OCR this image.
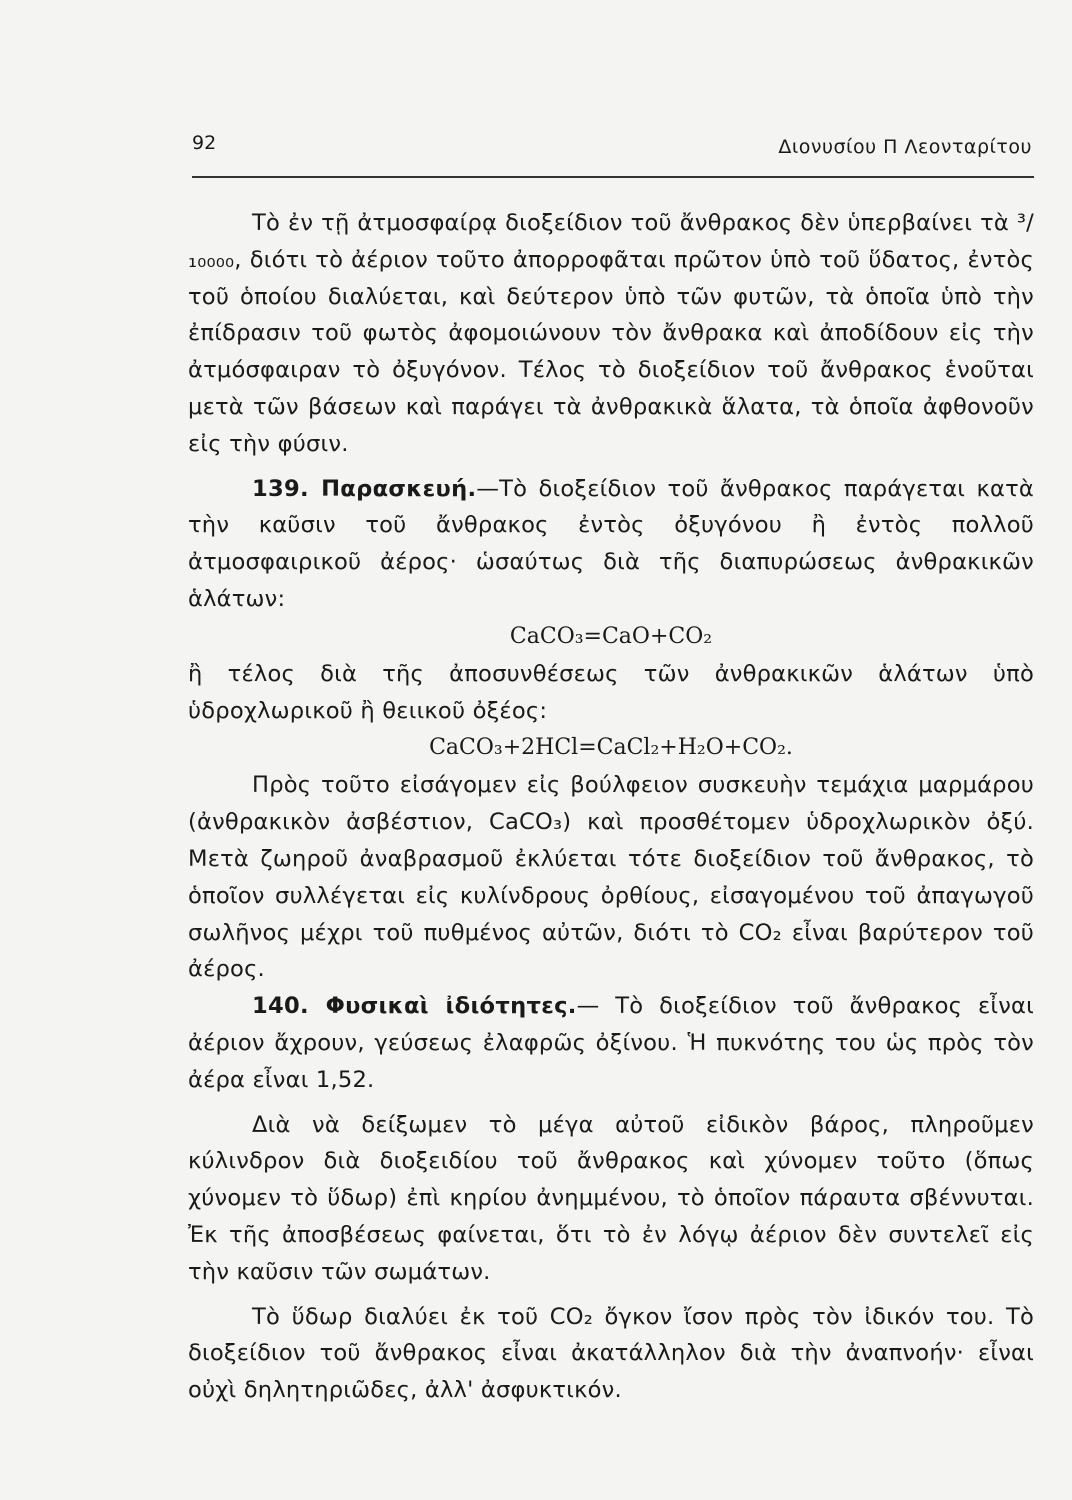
92	Διονυσίου Π Λεονταρίτου

Τὸ ἐν τῇ ἀτμοσφαίρᾳ διοξείδιον τοῦ ἄνθρακος δὲν ὑπερβαίνει τὰ ³/₁₀₀₀₀, διότι τὸ ἀέριον τοῦτο ἀπορροφᾶται πρῶτον ὑπὸ τοῦ ὕδατος, ἐντὸς τοῦ ὁποίου διαλύεται, καὶ δεύτερον ὑπὸ τῶν φυτῶν, τὰ ὁποῖα ὑπὸ τὴν ἐπίδρασιν τοῦ φωτὸς ἀφομοιώνουν τὸν ἄνθρακα καὶ ἀποδίδουν εἰς τὴν ἀτμόσφαιραν τὸ ὀξυγόνον. Τέλος τὸ διοξείδιον τοῦ ἄνθρακος ἑνοῦται μετὰ τῶν βάσεων καὶ παράγει τὰ ἀνθρακικὰ ἅλατα, τὰ ὁποῖα ἀφθονοῦν εἰς τὴν φύσιν.

139. Παρασκευή.—Τὸ διοξείδιον τοῦ ἄνθρακος παράγεται κατὰ τὴν καῦσιν τοῦ ἄνθρακος ἐντὸς ὀξυγόνου ἢ ἐντὸς πολλοῦ ἀτμοσφαιρικοῦ ἀέρος· ὡσαύτως διὰ τῆς διαπυρώσεως ἀνθρακικῶν ἁλάτων:

CaCO₃=CaO+CO₂

ἢ τέλος διὰ τῆς ἀποσυνθέσεως τῶν ἀνθρακικῶν ἁλάτων ὑπὸ ὑδροχλωρικοῦ ἢ θειικοῦ ὀξέος:

CaCO₃+2HCl=CaCl₂+H₂O+CO₂.

Πρὸς τοῦτο εἰσάγομεν εἰς βούλφειον συσκευὴν τεμάχια μαρμάρου (ἀνθρακικὸν ἀσβέστιον, CaCO₃) καὶ προσθέτομεν ὑδροχλωρικὸν ὀξύ. Μετὰ ζωηροῦ ἀναβρασμοῦ ἐκλύεται τότε διοξείδιον τοῦ ἄνθρακος, τὸ ὁποῖον συλλέγεται εἰς κυλίνδρους ὀρθίους, εἰσαγομένου τοῦ ἀπαγωγοῦ σωλῆνος μέχρι τοῦ πυθμένος αὐτῶν, διότι τὸ CO₂ εἶναι βαρύτερον τοῦ ἀέρος.

140. Φυσικαὶ ἰδιότητες.— Τὸ διοξείδιον τοῦ ἄνθρακος εἶναι ἀέριον ἄχρουν, γεύσεως ἐλαφρῶς ὀξίνου. Ἡ πυκνότης του ὡς πρὸς τὸν ἀέρα εἶναι 1,52.

Διὰ νὰ δείξωμεν τὸ μέγα αὐτοῦ εἰδικὸν βάρος, πληροῦμεν κύλινδρον διὰ διοξειδίου τοῦ ἄνθρακος καὶ χύνομεν τοῦτο (ὅπως χύνομεν τὸ ὕδωρ) ἐπὶ κηρίου ἀνημμένου, τὸ ὁποῖον πάραυτα σβέννυται. Ἐκ τῆς ἀποσβέσεως φαίνεται, ὅτι τὸ ἐν λόγῳ ἀέριον δὲν συντελεῖ εἰς τὴν καῦσιν τῶν σωμάτων.

Τὸ ὕδωρ διαλύει ἐκ τοῦ CO₂ ὄγκον ἴσον πρὸς τὸν ἰδικόν του. Τὸ διοξείδιον τοῦ ἄνθρακος εἶναι ἀκατάλληλον διὰ τὴν ἀναπνοήν· εἶναι οὐχὶ δηλητηριῶδες, ἀλλ' ἀσφυκτικόν.
